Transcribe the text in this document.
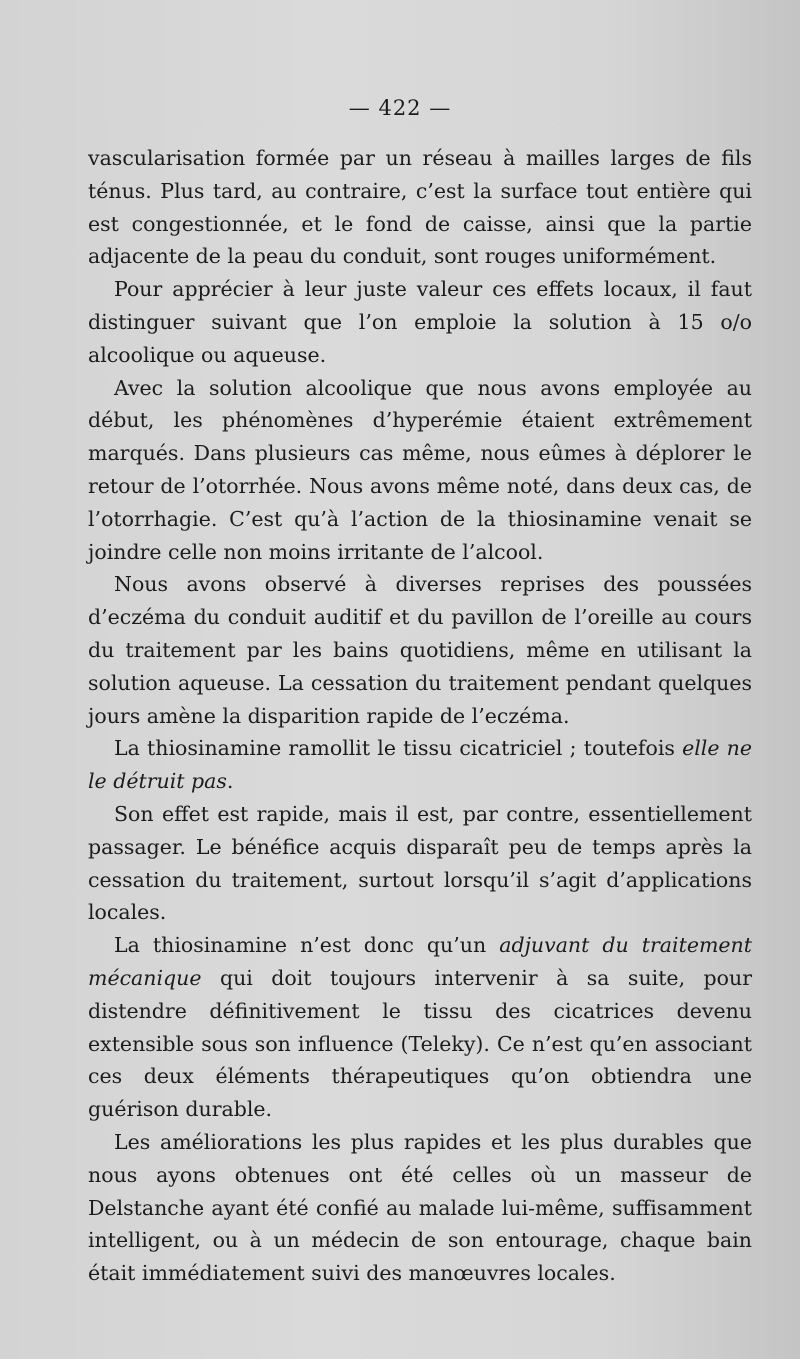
— 422 —

vascularisation formée par un réseau à mailles larges de fils ténus. Plus tard, au contraire, c’est la surface tout entière qui est congestionnée, et le fond de caisse, ainsi que la partie adjacente de la peau du conduit, sont rouges uniformément.

Pour apprécier à leur juste valeur ces effets locaux, il faut distinguer suivant que l’on emploie la solution à 15 o/o alcoolique ou aqueuse.

Avec la solution alcoolique que nous avons employée au début, les phénomènes d’hyperémie étaient extrêmement marqués. Dans plusieurs cas même, nous eûmes à déplorer le retour de l’otorrhée. Nous avons même noté, dans deux cas, de l’otorrhagie. C’est qu’à l’action de la thiosinamine venait se joindre celle non moins irritante de l’alcool.

Nous avons observé à diverses reprises des poussées d’eczéma du conduit auditif et du pavillon de l’oreille au cours du traitement par les bains quotidiens, même en utilisant la solution aqueuse. La cessation du traitement pendant quelques jours amène la disparition rapide de l’eczéma.

La thiosinamine ramollit le tissu cicatriciel ; toutefois elle ne le détruit pas.

Son effet est rapide, mais il est, par contre, essentiellement passager. Le bénéfice acquis disparaît peu de temps après la cessation du traitement, surtout lorsqu’il s’agit d’applications locales.

La thiosinamine n’est donc qu’un adjuvant du traitement mécanique qui doit toujours intervenir à sa suite, pour distendre définitivement le tissu des cicatrices devenu extensible sous son influence (Teleky). Ce n’est qu’en associant ces deux éléments thérapeutiques qu’on obtiendra une guérison durable.

Les améliorations les plus rapides et les plus durables que nous ayons obtenues ont été celles où un masseur de Delstanche ayant été confié au malade lui-même, suffisamment intelligent, ou à un médecin de son entourage, chaque bain était immédiatement suivi des manœuvres locales.
